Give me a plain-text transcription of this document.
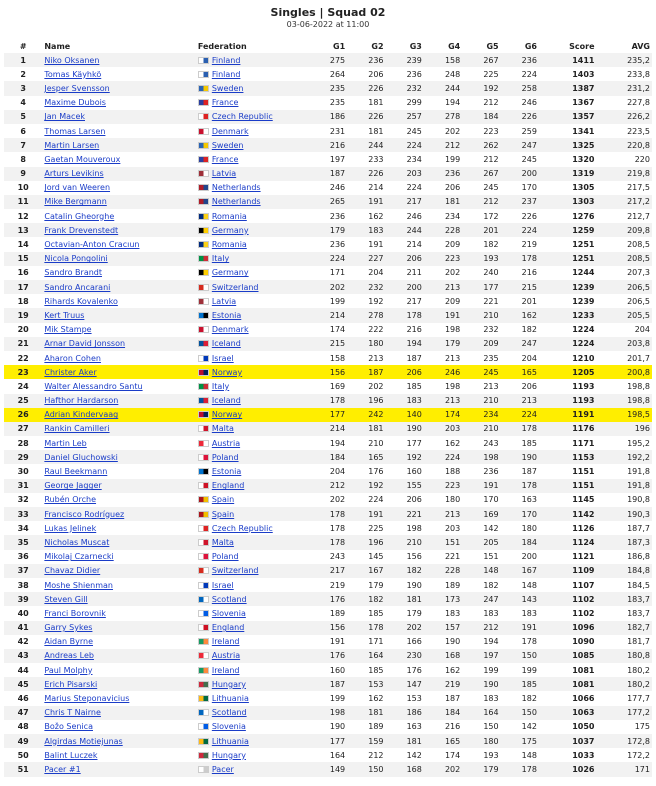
Singles | Squad 02
03-06-2022 at 11:00
#	Name	Federation	G1	G2	G3	G4	G5	G6	Score	AVG
1	Niko Oksanen	Finland	275	236	239	158	267	236	1411	235,2
2	Tomas Käyhkö	Finland	264	206	236	248	225	224	1403	233,8
3	Jesper Svensson	Sweden	235	226	232	244	192	258	1387	231,2
4	Maxime Dubois	France	235	181	299	194	212	246	1367	227,8
5	Jan Macek	Czech Republic	186	226	257	278	184	226	1357	226,2
6	Thomas Larsen	Denmark	231	181	245	202	223	259	1341	223,5
7	Martin Larsen	Sweden	216	244	224	212	262	247	1325	220,8
8	Gaetan Mouveroux	France	197	233	234	199	212	245	1320	220
9	Arturs Levikins	Latvia	187	226	203	236	267	200	1319	219,8
10	Jord van Weeren	Netherlands	246	214	224	206	245	170	1305	217,5
11	Mike Bergmann	Netherlands	265	191	217	181	212	237	1303	217,2
12	Catalin Gheorghe	Romania	236	162	246	234	172	226	1276	212,7
13	Frank Drevenstedt	Germany	179	183	244	228	201	224	1259	209,8
14	Octavian-Anton Cracıun	Romania	236	191	214	209	182	219	1251	208,5
15	Nicola Pongolini	Italy	224	227	206	223	193	178	1251	208,5
16	Sandro Brandt	Germany	171	204	211	202	240	216	1244	207,3
17	Sandro Ancarani	Switzerland	202	232	200	213	177	215	1239	206,5
18	Rihards Kovalenko	Latvia	199	192	217	209	221	201	1239	206,5
19	Kert Truus	Estonia	214	278	178	191	210	162	1233	205,5
20	Mik Stampe	Denmark	174	222	216	198	232	182	1224	204
21	Arnar David Jonsson	Iceland	215	180	194	179	209	247	1224	203,8
22	Aharon Cohen	Israel	158	213	187	213	235	204	1210	201,7
23	Christer Aker	Norway	156	187	206	246	245	165	1205	200,8
24	Walter Alessandro Santu	Italy	169	202	185	198	213	206	1193	198,8
25	Hafthor Hardarson	Iceland	178	196	183	213	210	213	1193	198,8
26	Adrian Kindervaag	Norway	177	242	140	174	234	224	1191	198,5
27	Rankin Camilleri	Malta	214	181	190	203	210	178	1176	196
28	Martin Leb	Austria	194	210	177	162	243	185	1171	195,2
29	Daniel Gluchowski	Poland	184	165	192	224	198	190	1153	192,2
30	Raul Beekmann	Estonia	204	176	160	188	236	187	1151	191,8
31	George Jagger	England	212	192	155	223	191	178	1151	191,8
32	Rubén Orche	Spain	202	224	206	180	170	163	1145	190,8
33	Francisco Rodríguez	Spain	178	191	221	213	169	170	1142	190,3
34	Lukas Jelinek	Czech Republic	178	225	198	203	142	180	1126	187,7
35	Nicholas Muscat	Malta	178	196	210	151	205	184	1124	187,3
36	Mikolaj Czarnecki	Poland	243	145	156	221	151	200	1121	186,8
37	Chavaz Didier	Switzerland	217	167	182	228	148	167	1109	184,8
38	Moshe Shienman	Israel	219	179	190	189	182	148	1107	184,5
39	Steven Gill	Scotland	176	182	181	173	247	143	1102	183,7
40	Franci Borovnik	Slovenia	189	185	179	183	183	183	1102	183,7
41	Garry Sykes	England	156	178	202	157	212	191	1096	182,7
42	Aidan Byrne	Ireland	191	171	166	190	194	178	1090	181,7
43	Andreas Leb	Austria	176	164	230	168	197	150	1085	180,8
44	Paul Molphy	Ireland	160	185	176	162	199	199	1081	180,2
45	Erich Pisarski	Hungary	187	153	147	219	190	185	1081	180,2
46	Marius Steponavicius	Lithuania	199	162	153	187	183	182	1066	177,7
47	Chris T Nairne	Scotland	198	181	186	184	164	150	1063	177,2
48	Božo Senica	Slovenia	190	189	163	216	150	142	1050	175
49	Algirdas Motiejunas	Lithuania	177	159	181	165	180	175	1037	172,8
50	Balint Luczek	Hungary	164	212	142	174	193	148	1033	172,2
51	Pacer #1	Pacer	149	150	168	202	179	178	1026	171
